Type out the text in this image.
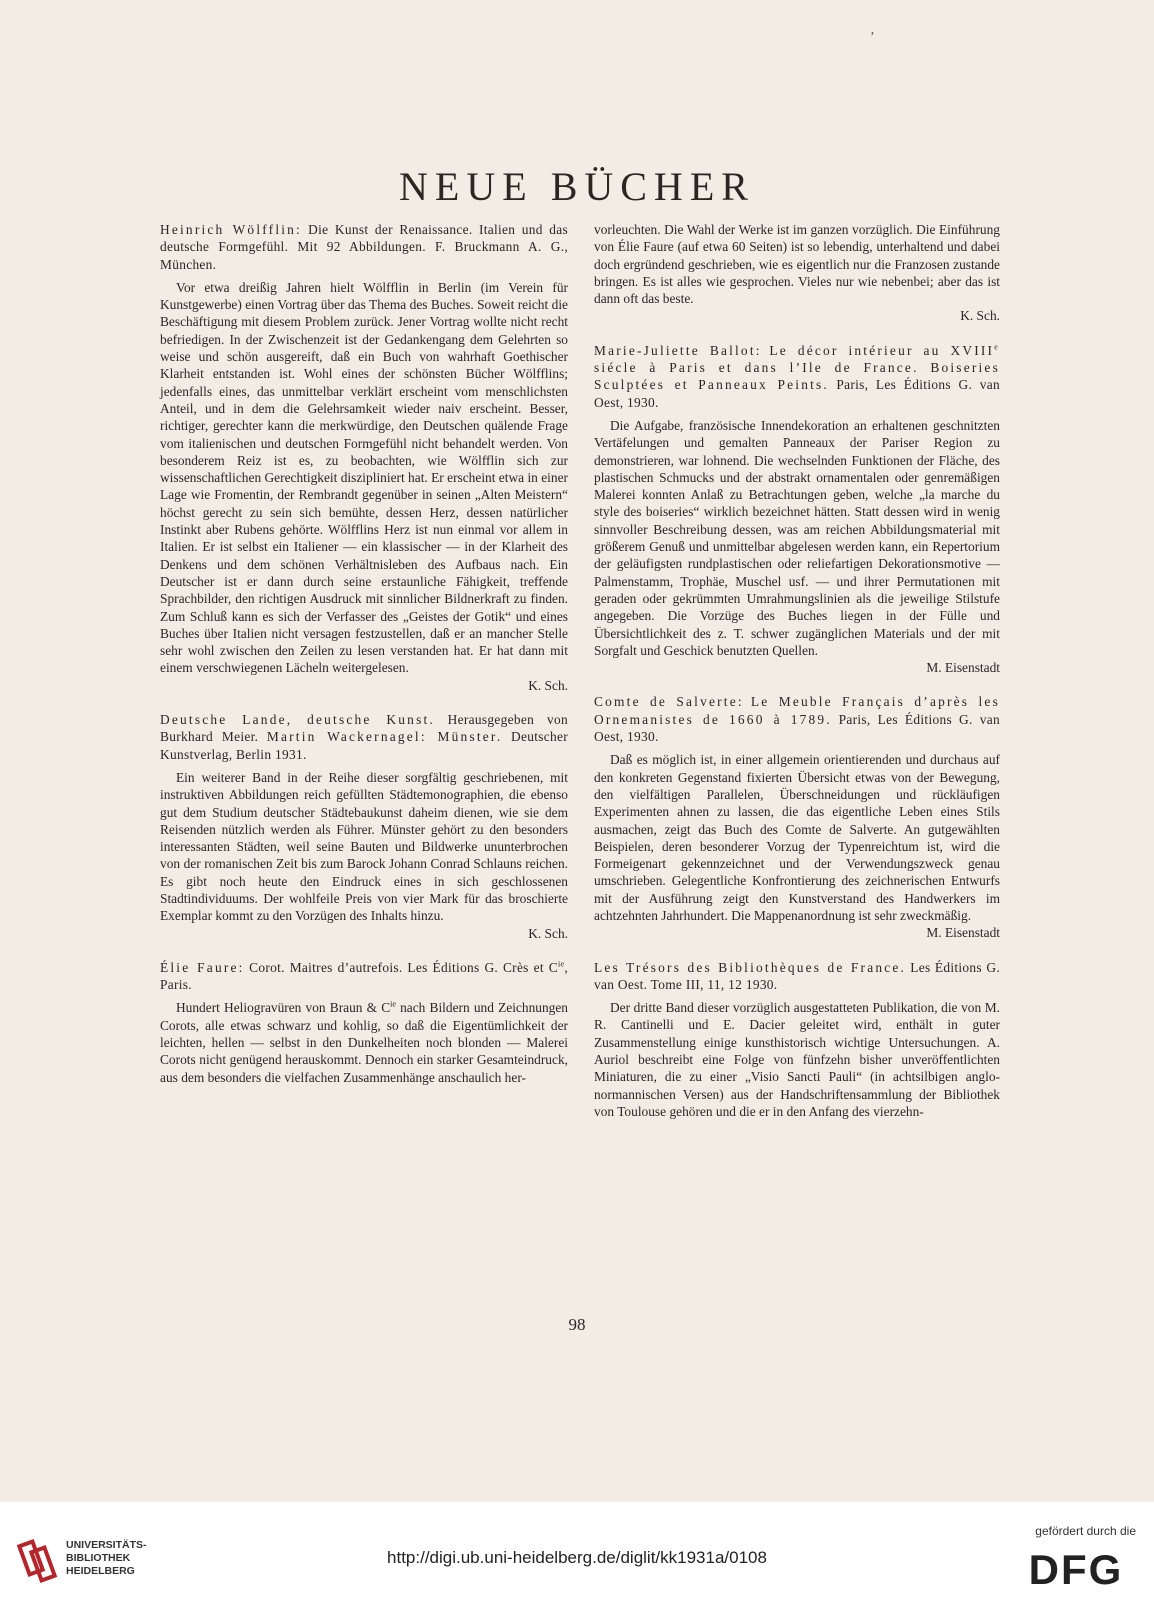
ʼ
NEUE BÜCHER

Heinrich Wölfflin: Die Kunst der Renaissance. Italien und das deutsche Formgefühl. Mit 92 Abbildungen. F. Bruckmann A. G., München.

Vor etwa dreißig Jahren hielt Wölfflin in Berlin (im Verein für Kunstgewerbe) einen Vortrag über das Thema des Buches. Soweit reicht die Beschäftigung mit diesem Problem zurück. Jener Vortrag wollte nicht recht befriedigen. In der Zwischenzeit ist der Gedankengang dem Gelehrten so weise und schön ausgereift, daß ein Buch von wahrhaft Goethischer Klarheit entstanden ist. Wohl eines der schönsten Bücher Wölfflins; jedenfalls eines, das unmittelbar verklärt erscheint vom menschlichsten Anteil, und in dem die Gelehrsamkeit wieder naiv erscheint. Besser, richtiger, gerechter kann die merkwürdige, den Deutschen quälende Frage vom italienischen und deutschen Formgefühl nicht behandelt werden. Von besonderem Reiz ist es, zu beobachten, wie Wölfflin sich zur wissenschaftlichen Gerechtigkeit diszipliniert hat. Er erscheint etwa in einer Lage wie Fromentin, der Rembrandt gegenüber in seinen „Alten Meistern“ höchst gerecht zu sein sich bemühte, dessen Herz, dessen natürlicher Instinkt aber Rubens gehörte. Wölfflins Herz ist nun einmal vor allem in Italien. Er ist selbst ein Italiener — ein klassischer — in der Klarheit des Denkens und dem schönen Verhältnisleben des Aufbaus nach. Ein Deutscher ist er dann durch seine erstaunliche Fähigkeit, treffende Sprachbilder, den richtigen Ausdruck mit sinnlicher Bildnerkraft zu finden. Zum Schluß kann es sich der Verfasser des „Geistes der Gotik“ und eines Buches über Italien nicht versagen festzustellen, daß er an mancher Stelle sehr wohl zwischen den Zeilen zu lesen verstanden hat. Er hat dann mit einem verschwiegenen Lächeln weitergelesen.

K. Sch.

Deutsche Lande, deutsche Kunst. Herausgegeben von Burkhard Meier. Martin Wackernagel: Münster. Deutscher Kunstverlag, Berlin 1931.

Ein weiterer Band in der Reihe dieser sorgfältig geschriebenen, mit instruktiven Abbildungen reich gefüllten Städtemonographien, die ebenso gut dem Studium deutscher Städtebaukunst daheim dienen, wie sie dem Reisenden nützlich werden als Führer. Münster gehört zu den besonders interessanten Städten, weil seine Bauten und Bildwerke ununterbrochen von der romanischen Zeit bis zum Barock Johann Conrad Schlauns reichen. Es gibt noch heute den Eindruck eines in sich geschlossenen Stadtindividuums. Der wohlfeile Preis von vier Mark für das broschierte Exemplar kommt zu den Vorzügen des Inhalts hinzu.

K. Sch.

Élie Faure: Corot. Maitres d’autrefois. Les Éditions G. Crès et $C^{ie}$, Paris.

Hundert Heliogravüren von Braun & $C^{ie}$ nach Bildern und Zeichnungen Corots, alle etwas schwarz und kohlig, so daß die Eigentümlichkeit der leichten, hellen — selbst in den Dunkelheiten noch blonden — Malerei Corots nicht genügend herauskommt. Dennoch ein starker Gesamteindruck, aus dem besonders die vielfachen Zusammenhänge anschaulich her-

vorleuchten. Die Wahl der Werke ist im ganzen vorzüglich. Die Einführung von Élie Faure (auf etwa 60 Seiten) ist so lebendig, unterhaltend und dabei doch ergründend geschrieben, wie es eigentlich nur die Franzosen zustande bringen. Es ist alles wie gesprochen. Vieles nur wie nebenbei; aber das ist dann oft das beste.

K. Sch.

Marie-Juliette Ballot: Le décor intérieur au XVIIIe siécle à Paris et dans l’Ile de France. Boiseries Sculptées et Panneaux Peints. Paris, Les Éditions G. van Oest, 1930.

Die Aufgabe, französische Innendekoration an erhaltenen geschnitzten Vertäfelungen und gemalten Panneaux der Pariser Region zu demonstrieren, war lohnend. Die wechselnden Funktionen der Fläche, des plastischen Schmucks und der abstrakt ornamentalen oder genremäßigen Malerei konnten Anlaß zu Betrachtungen geben, welche „la marche du style des boiseries“ wirklich bezeichnet hätten. Statt dessen wird in wenig sinnvoller Beschreibung dessen, was am reichen Abbildungsmaterial mit größerem Genuß und unmittelbar abgelesen werden kann, ein Repertorium der geläufigsten rundplastischen oder reliefartigen Dekorationsmotive — Palmenstamm, Trophäe, Muschel usf. — und ihrer Permutationen mit geraden oder gekrümmten Umrahmungslinien als die jeweilige Stilstufe angegeben. Die Vorzüge des Buches liegen in der Fülle und Übersichtlichkeit des z. T. schwer zugänglichen Materials und der mit Sorgfalt und Geschick benutzten Quellen.

M. Eisenstadt

Comte de Salverte: Le Meuble Français d’après les Ornemanistes de 1660 à 1789. Paris, Les Éditions G. van Oest, 1930.

Daß es möglich ist, in einer allgemein orientierenden und durchaus auf den konkreten Gegenstand fixierten Übersicht etwas von der Bewegung, den vielfältigen Parallelen, Überschneidungen und rückläufigen Experimenten ahnen zu lassen, die das eigentliche Leben eines Stils ausmachen, zeigt das Buch des Comte de Salverte. An gutgewählten Beispielen, deren besonderer Vorzug der Typenreichtum ist, wird die Formeigenart gekennzeichnet und der Verwendungszweck genau umschrieben. Gelegentliche Konfrontierung des zeichnerischen Entwurfs mit der Ausführung zeigt den Kunstverstand des Handwerkers im achtzehnten Jahrhundert. Die Mappenanordnung ist sehr zweckmäßig.

M. Eisenstadt

Les Trésors des Bibliothèques de France. Les Éditions G. van Oest. Tome III, 11, 12 1930.

Der dritte Band dieser vorzüglich ausgestatteten Publikation, die von M. R. Cantinelli und E. Dacier geleitet wird, enthält in guter Zusammenstellung einige kunsthistorisch wichtige Untersuchungen. A. Auriol beschreibt eine Folge von fünfzehn bisher unveröffentlichten Miniaturen, die zu einer „Visio Sancti Pauli“ (in achtsilbigen anglo-normannischen Versen) aus der Handschriftensammlung der Bibliothek von Toulouse gehören und die er in den Anfang des vierzehn-

98
UNIVERSITÄTS-
BIBLIOTHEK
HEIDELBERG
http://digi.ub.uni-heidelberg.de/diglit/kk1931a/0108
gefördert durch die
DFG
